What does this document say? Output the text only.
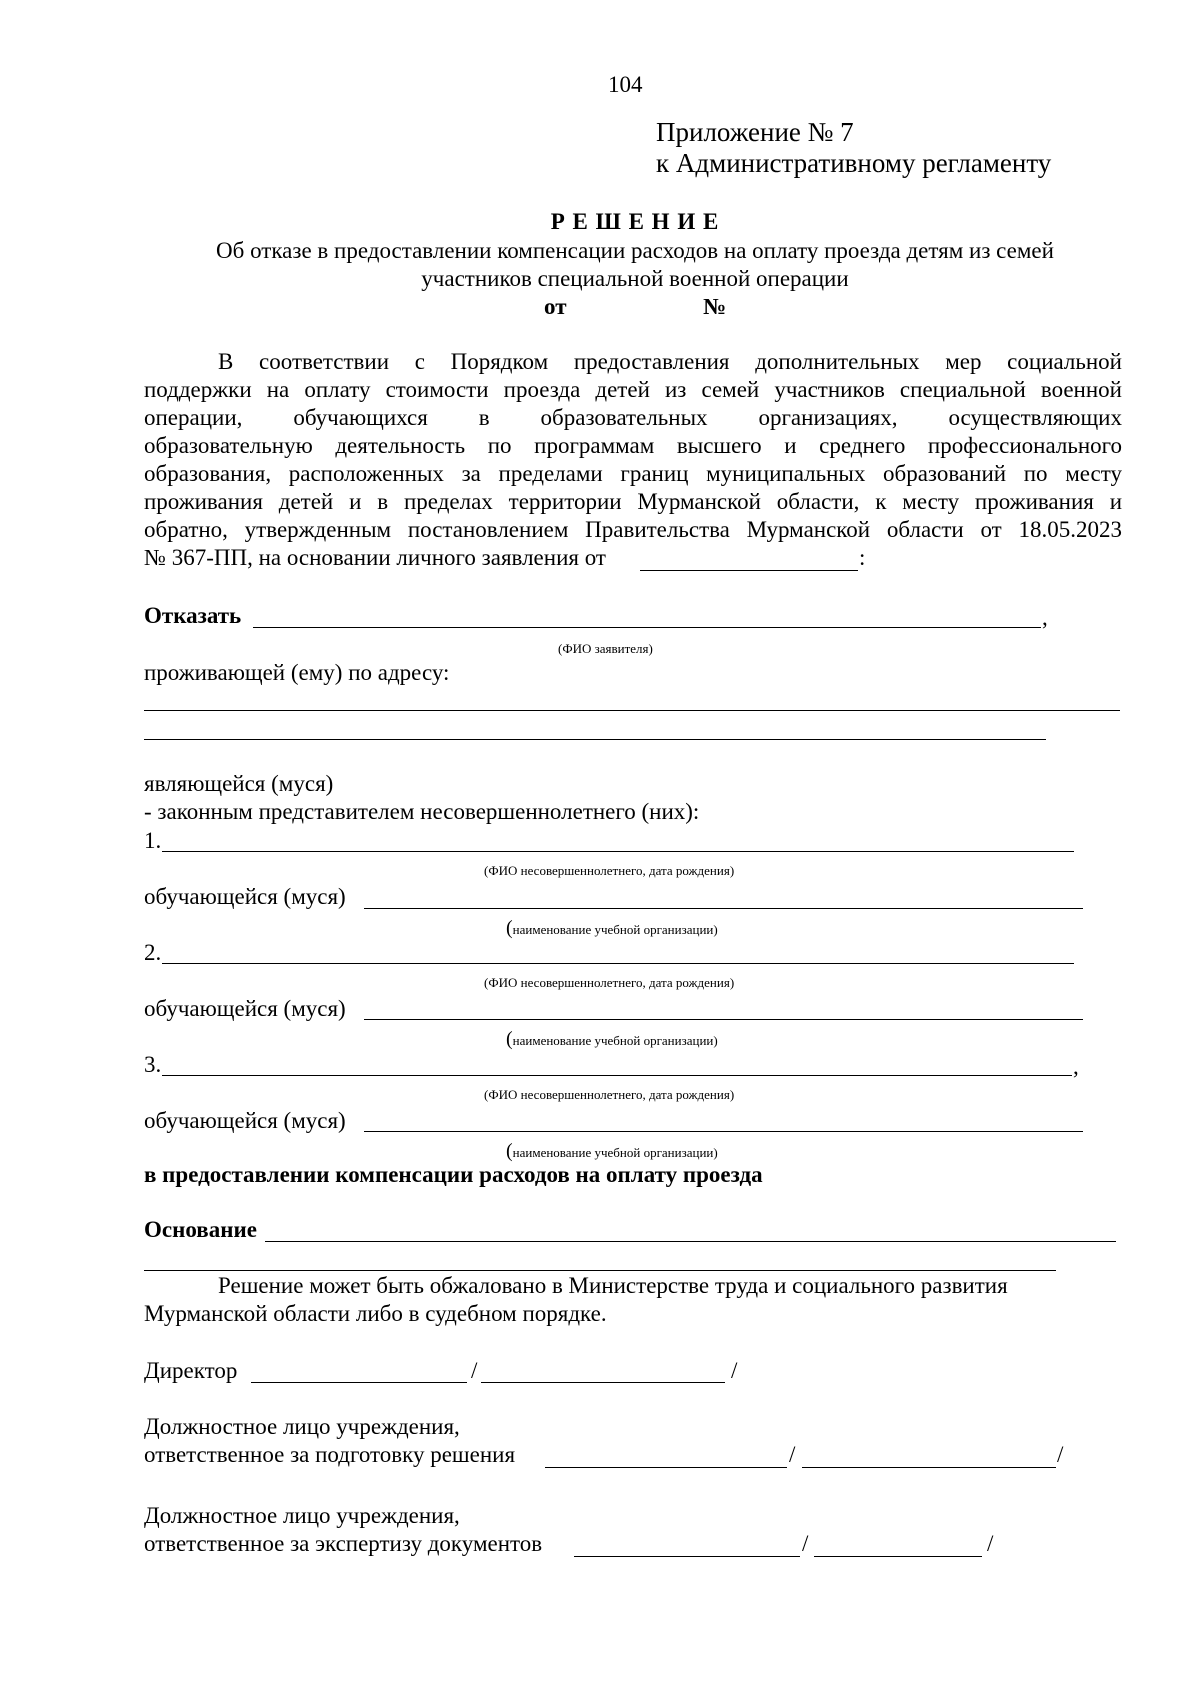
104
Приложение № 7
к Административному регламенту
Р Е Ш Е Н И Е
Об отказе в предоставлении компенсации расходов на оплату проезда детям из семей
участников специальной военной операции
от	№
В соответствии с Порядком предоставления дополнительных мер социальной
поддержки на оплату стоимости проезда детей из семей участников специальной военной
операции, обучающихся в образовательных организациях, осуществляющих
образовательную деятельность по программам высшего и среднего профессионального
образования, расположенных за пределами границ муниципальных образований по месту
проживания детей и в пределах территории Мурманской области, к месту проживания и
обратно, утвержденным постановлением Правительства Мурманской области от 18.05.2023
№ 367-ПП, на основании личного заявления от	:
Отказать	,
(ФИО заявителя)
проживающей (ему) по адресу:
являющейся (муся)
- законным представителем несовершеннолетнего (них):
1.
(ФИО несовершеннолетнего, дата рождения)
обучающейся (муся)
(наименование учебной организации)
2.
(ФИО несовершеннолетнего, дата рождения)
обучающейся (муся)
(наименование учебной организации)
3.	,
(ФИО несовершеннолетнего, дата рождения)
обучающейся (муся)
(наименование учебной организации)
в предоставлении компенсации расходов на оплату проезда
Основание
Решение может быть обжаловано в Министерстве труда и социального развития
Мурманской области либо в судебном порядке.
Директор	/	/
Должностное лицо учреждения,
ответственное за подготовку решения	/	/
Должностное лицо учреждения,
ответственное за экспертизу документов	/	/
